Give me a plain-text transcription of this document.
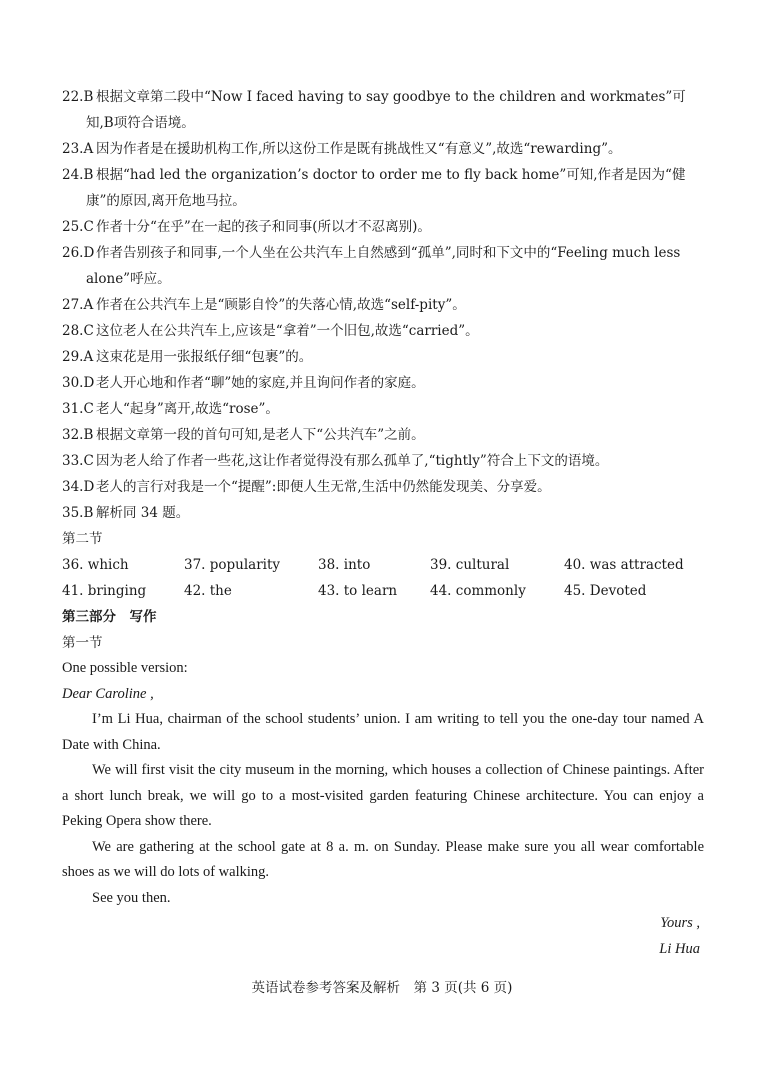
22.B 根据文章第二段中“Now I faced having to say goodbye to the children and workmates”可知,B项符合语境。

23.A 因为作者是在援助机构工作,所以这份工作是既有挑战性又“有意义”,故选“rewarding”。

24.B 根据“had led the organization’s doctor to order me to fly back home”可知,作者是因为“健康”的原因,离开危地马拉。

25.C 作者十分“在乎”在一起的孩子和同事(所以才不忍离别)。

26.D 作者告别孩子和同事,一个人坐在公共汽车上自然感到“孤单”,同时和下文中的“Feeling much less alone”呼应。

27.A 作者在公共汽车上是“顾影自怜”的失落心情,故选“self-pity”。

28.C 这位老人在公共汽车上,应该是“拿着”一个旧包,故选“carried”。

29.A 这束花是用一张报纸仔细“包裹”的。

30.D 老人开心地和作者“聊”她的家庭,并且询问作者的家庭。

31.C 老人“起身”离开,故选“rose”。

32.B 根据文章第一段的首句可知,是老人下“公共汽车”之前。

33.C 因为老人给了作者一些花,这让作者觉得没有那么孤单了,“tightly”符合上下文的语境。

34.D 老人的言行对我是一个“提醒”:即便人生无常,生活中仍然能发现美、分享爱。

35.B 解析同 34 题。

第二节
36. which	37. popularity	38. into	39. cultural	40. was attracted
41. bringing	42. the	43. to learn	44. commonly	45. Devoted
第三部分　写作
第一节

One possible version:

Dear Caroline ,

I’m Li Hua, chairman of the school students’ union. I am writing to tell you the one-day tour named A Date with China.

We will first visit the city museum in the morning, which houses a collection of Chinese paintings. After a short lunch break, we will go to a most-visited garden featuring Chinese architecture. You can enjoy a Peking Opera show there.

We are gathering at the school gate at 8 a. m. on Sunday. Please make sure you all wear comfortable shoes as we will do lots of walking.

See you then.

Yours ,

Li Hua

英语试卷参考答案及解析　第 3 页(共 6 页)
